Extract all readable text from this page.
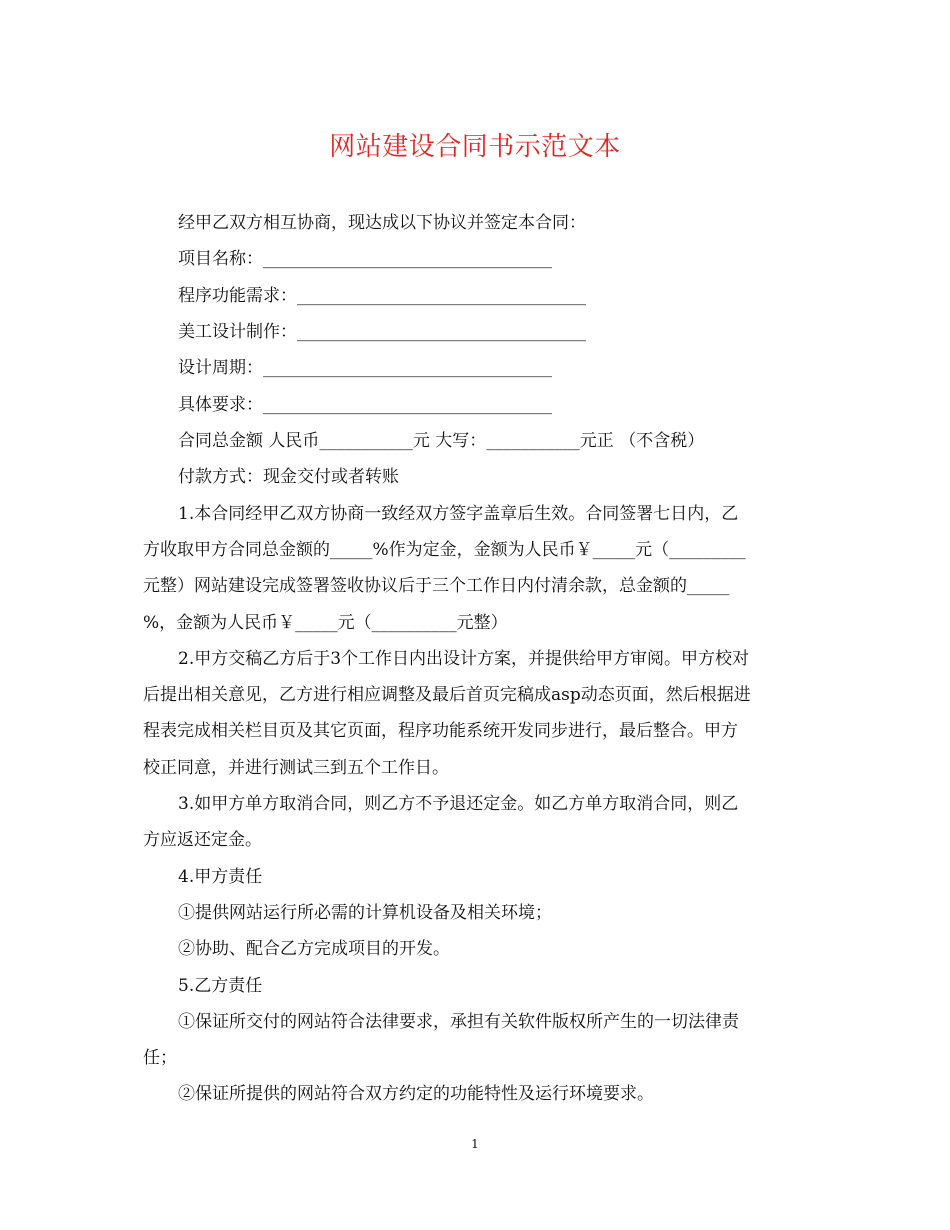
网站建设合同书示范文本
经甲乙双方相互协商，现达成以下协议并签定本合同：
项目名称：__________________________________
程序功能需求：__________________________________
美工设计制作：__________________________________
设计周期：__________________________________
具体要求：__________________________________
合同总金额 人民币___________元 大写：___________元正 （不含税）
付款方式：现金交付或者转账
1.本合同经甲乙双方协商一致经双方签字盖章后生效。合同签署七日内，乙
方收取甲方合同总金额的_____%作为定金，金额为人民币￥_____元（_________
元整）网站建设完成签署签收协议后于三个工作日内付清余款，总金额的_____
%，金额为人民币￥_____元（__________元整）
2.甲方交稿乙方后于3个工作日内出设计方案，并提供给甲方审阅。甲方校对
后提出相关意见，乙方进行相应调整及最后首页完稿成asp动态页面，然后根据进
程表完成相关栏目页及其它页面，程序功能系统开发同步进行，最后整合。甲方
校正同意，并进行测试三到五个工作日。
3.如甲方单方取消合同，则乙方不予退还定金。如乙方单方取消合同，则乙
方应返还定金。
4.甲方责任
①提供网站运行所必需的计算机设备及相关环境；
②协助、配合乙方完成项目的开发。
5.乙方责任
①保证所交付的网站符合法律要求，承担有关软件版权所产生的一切法律责
任；
②保证所提供的网站符合双方约定的功能特性及运行环境要求。
1
